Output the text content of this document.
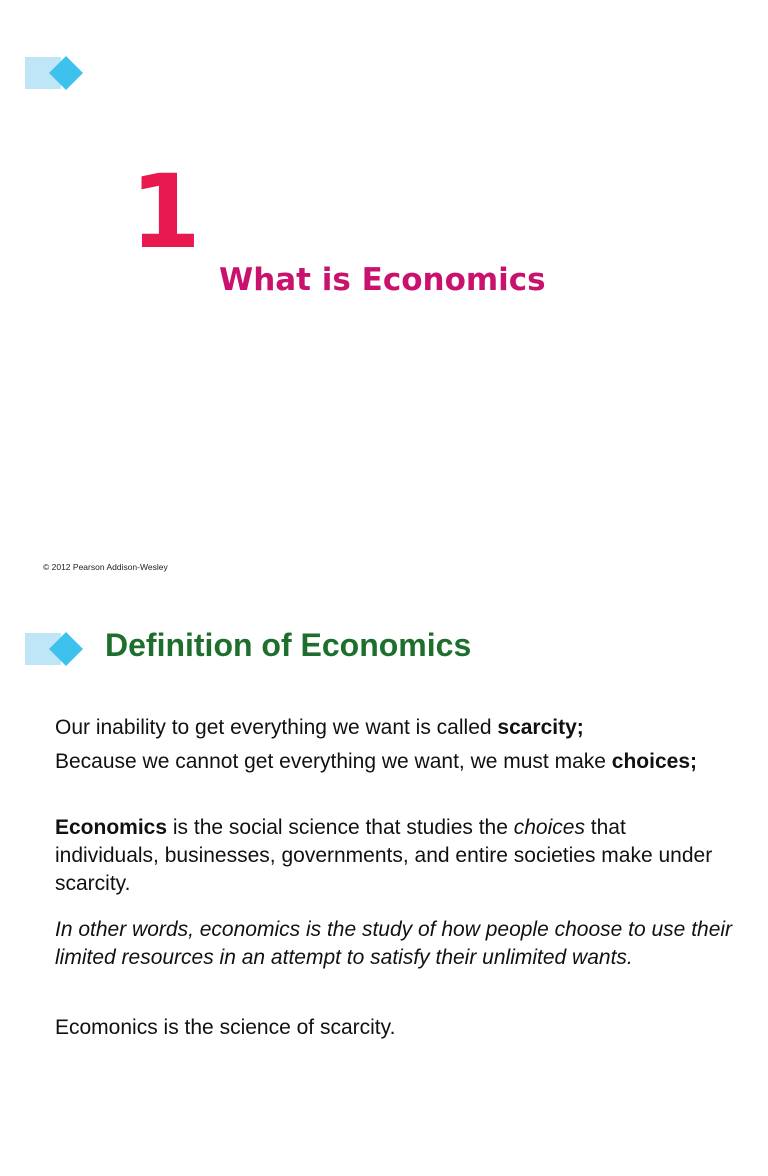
1
What is Economics
© 2012 Pearson Addison-Wesley
Definition of Economics

Our inability to get everything we want is called scarcity;

Because we cannot get everything we want, we must make choices;

Economics is the social science that studies the choices that individuals, businesses, governments, and entire societies make under scarcity.

In other words, economics is the study of how people choose to use their limited resources in an attempt to satisfy their unlimited wants.

Ecomonics is the science of scarcity.
